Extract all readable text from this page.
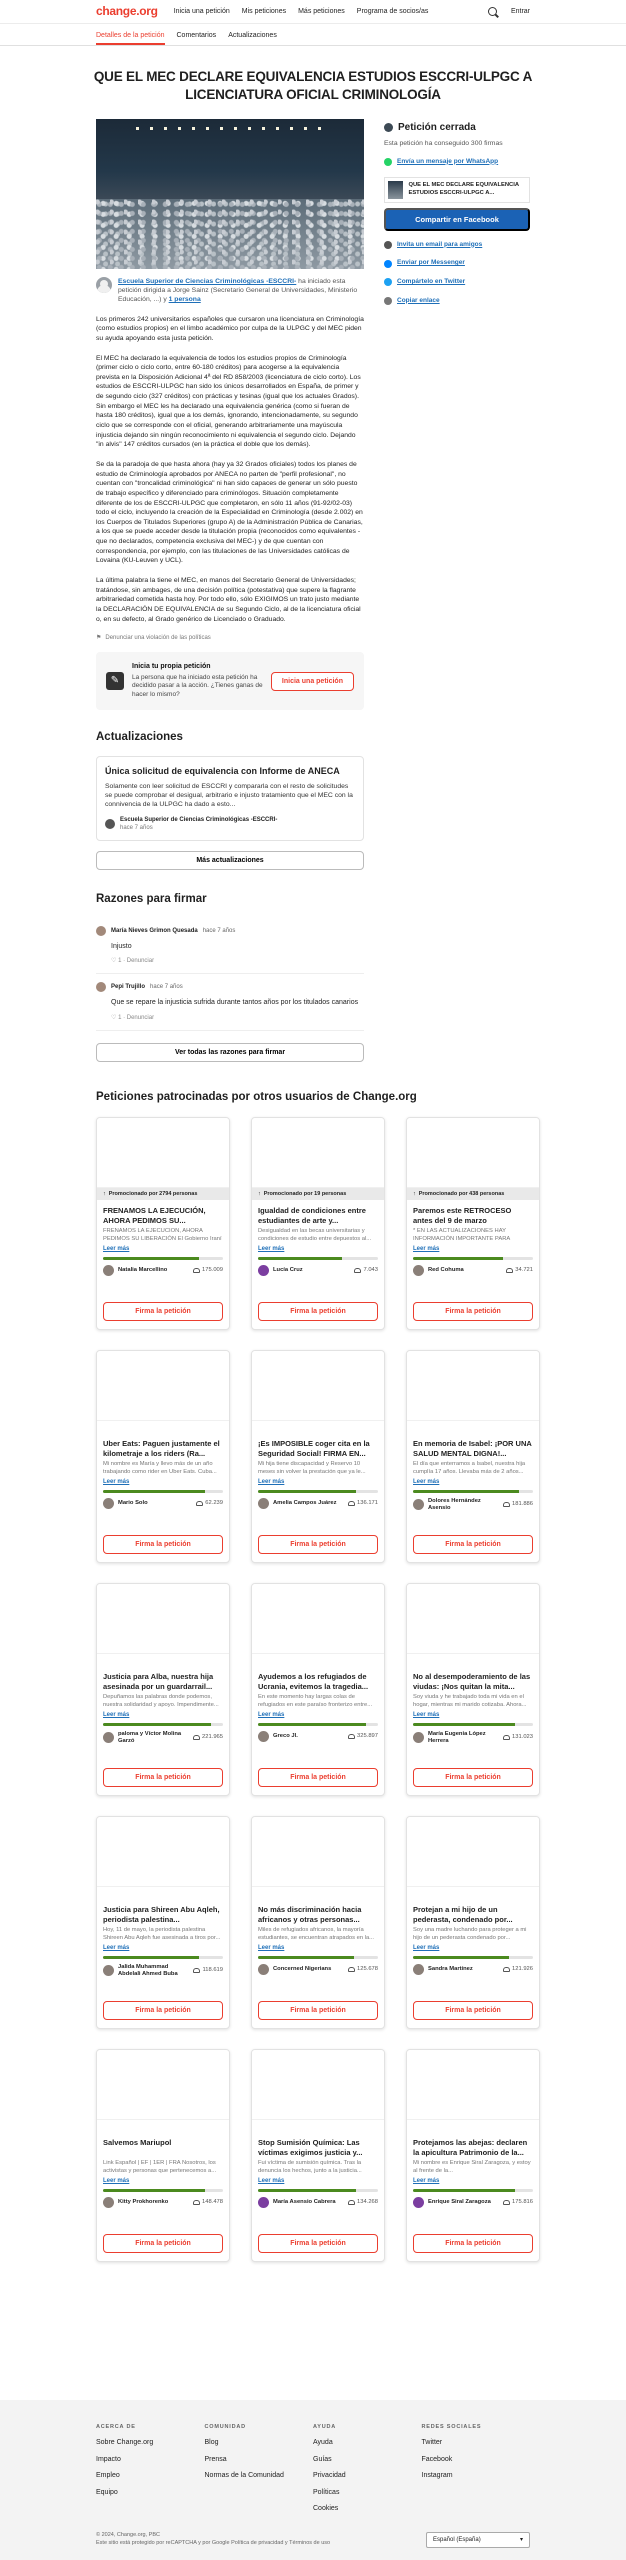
change.org Inicia una petición Mis peticiones Más peticiones Programa de socios/as	Entrar
Detalles de la petición Comentarios Actualizaciones
QUE EL MEC DECLARE EQUIVALENCIA ESTUDIOS ESCCRI-ULPGC A LICENCIATURA OFICIAL CRIMINOLOGÍA
Escuela Superior de Ciencias Criminológicas -ESCCRI- ha iniciado esta petición dirigida a Jorge Sainz (Secretario General de Universidades, Ministerio Educación, ...) y 1 persona

Los primeros 242 universitarios españoles que cursaron una licenciatura en Criminología (como estudios propios) en el limbo académico por culpa de la ULPGC y del MEC piden su ayuda apoyando esta justa petición.

El MEC ha declarado la equivalencia de todos los estudios propios de Criminología (primer ciclo o ciclo corto, entre 60-180 créditos) para acogerse a la equivalencia prevista en la Disposición Adicional 4ª del RD 858/2003 (licenciatura de ciclo corto). Los estudios de ESCCRI-ULPGC han sido los únicos desarrollados en España, de primer y de segundo ciclo (327 créditos) con prácticas y tesinas (igual que los actuales Grados). Sin embargo el MEC les ha declarado una equivalencia genérica (como si fueran de hasta 180 créditos), igual que a los demás, ignorando, intencionadamente, su segundo ciclo que se corresponde con el oficial, generando arbitrariamente una mayúscula injusticia dejando sin ningún reconocimiento ni equivalencia el segundo ciclo. Dejando "in alvis" 147 créditos cursados (en la práctica el doble que los demás).

Se da la paradoja de que hasta ahora (hay ya 32 Grados oficiales) todos los planes de estudio de Criminología aprobados por ANECA no parten de "perfil profesional", no cuentan con "troncalidad criminológica" ni han sido capaces de generar un sólo puesto de trabajo específico y diferenciado para criminólogos. Situación completamente diferente de los de ESCCRI-ULPGC que completaron, en sólo 11 años (91-92/02-03) todo el ciclo, incluyendo la creación de la Especialidad en Criminología (desde 2.002) en los Cuerpos de Titulados Superiores (grupo A) de la Administración Pública de Canarias, a los que se puede acceder desde la titulación propia (reconocidos como equivalentes -que no declarados, competencia exclusiva del MEC-) y de que cuentan con correspondencia, por ejemplo, con las titulaciones de las Universidades católicas de Lovaina (KU-Leuven y UCL).

La última palabra la tiene el MEC, en manos del Secretario General de Universidades; tratándose, sin ambages, de una decisión política (potestativa) que supere la flagrante arbitrariedad cometida hasta hoy. Por todo ello, sólo EXIGIMOS un trato justo mediante la DECLARACIÓN DE EQUIVALENCIA de su Segundo Ciclo, al de la licenciatura oficial o, en su defecto, al Grado genérico de Licenciado o Graduado.

⚑ Denunciar una violación de las políticas
✎
Inicia tu propia petición
La persona que ha iniciado esta petición ha decidido pasar a la acción. ¿Tienes ganas de hacer lo mismo?
Inicia una petición
Actualizaciones
Única solicitud de equivalencia con Informe de ANECA

Solamente con leer solicitud de ESCCRI y compararla con el resto de solicitudes se puede comprobar el desigual, arbitrario e injusto tratamiento que el MEC con la connivencia de la ULPGC ha dado a esto...

Escuela Superior de Ciencias Criminológicas -ESCCRI-
hace 7 años
Más actualizaciones
Razones para firmar
María Nieves Grimon Quesada hace 7 años
Injusto
♡ 1 · Denunciar
Pepi Trujillo hace 7 años
Que se repare la injusticia sufrida durante tantos años por los titulados canarios
♡ 1 · Denunciar
Ver todas las razones para firmar
Petición cerrada
Esta petición ha conseguido 300 firmas
Envía un mensaje por WhatsApp
QUE EL MEC DECLARE EQUIVALENCIA ESTUDIOS ESCCRI-ULPGC A...
Compartir en Facebook
Invita un email para amigos
Enviar por Messenger
Compártelo en Twitter
Copiar enlace
Peticiones patrocinadas por otros usuarios de Change.org
↑ Promocionado por 2794 personas
FRENAMOS LA EJECUCIÓN, AHORA PEDIMOS SU...
FRENAMOS LA EJECUCIÓN, AHORA PEDIMOS SU LIBERACIÓN El Gobierno Iraní
Leer más
Natalia Marcellino	175.009
Firma la petición
↑ Promocionado por 19 personas
Igualdad de condiciones entre estudiantes de arte y...
Desigualdad en las becas universitarias y condiciones de estudio entre depuestos al...
Leer más
Lucía Cruz	7.043
Firma la petición
↑ Promocionado por 438 personas
Paremos este RETROCESO antes del 9 de marzo
* EN LAS ACTUALIZACIONES HAY INFORMACIÓN IMPORTANTE PARA
Leer más
Red Cohuma	34.721
Firma la petición
Uber Eats: Paguen justamente el kilometraje a los riders (Ra...
Mi nombre es María y llevo más de un año trabajando como rider en Uber Eats. Cuba...
Leer más
Mario Solo	62.239
Firma la petición
¡Es IMPOSIBLE coger cita en la Seguridad Social! FIRMA EN...
Mi hija tiene discapacidad y Reservo 10 meses sin volver la prestación que ya le...
Leer más
Amelia Campos Juárez	136.171
Firma la petición
En memoria de Isabel: ¡POR UNA SALUD MENTAL DIGNA!...
El día que enterramos a Isabel, nuestra hija cumplía 17 años. Llevaba más de 2 años...
Leer más
Dolores Hernández Asensio
181.886
Firma la petición
Justicia para Alba, nuestra hija asesinada por un guardarrail...
Depuñamos las palabras donde podemos, nuestra solidaridad y apoyo. Impendimente...
Leer más
paloma y Víctor Molina Garzó
221.965
Firma la petición
Ayudemos a los refugiados de Ucrania, evitemos la tragedia...
En este momento hay largas colas de refugiados en este paraíso fronterizo entre...
Leer más
Greco Jl.	325.897
Firma la petición
No al desempoderamiento de las viudas: ¡Nos quitan la mita...
Soy viuda y he trabajado toda mi vida en el hogar, mientras mi marido cotizaba. Ahora...
Leer más
María Eugenia López Herrera
131.023
Firma la petición
Justicia para Shireen Abu Aqleh, periodista palestina...
Hoy, 11 de mayo, la periodista palestina Shireen Abu Aqleh fue asesinada a tiros por...
Leer más
Jalida Muhammad Abdelalì Ahmed Buba
118.619
Firma la petición
No más discriminación hacia africanos y otras personas...
Miles de refugiados africanos, la mayoría estudiantes, se encuentran atrapados en la...
Leer más
Concerned Nigerians	125.678
Firma la petición
Protejan a mi hijo de un pederasta, condenado por...
Soy una madre luchando para proteger a mi hijo de un pederasta condenado por...
Leer más
Sandra Martínez	121.926
Firma la petición
Salvemos Mariupol
Link Español | EF | 1ER | FRA Nosotros, los activistas y personas que pertenecemos a...
Leer más
Kitty Prokhorenko	148.478
Firma la petición
Stop Sumisión Química: Las víctimas exigimos justicia y...
Fui víctima de sumisión química. Tras la denuncia los hechos, junto a la justicia...
Leer más
María Asensio Cabrera	134.268
Firma la petición
Protejamos las abejas: declaren la apicultura Patrimonio de la...
Mi nombre es Enrique Siral Zaragoza, y estoy al frente de la...
Leer más
Enrique Siral Zaragoza	175.816
Firma la petición
ACERCA DE
Sobre Change.org
Impacto
Empleo
Equipo
COMUNIDAD
Blog
Prensa
Normas de la Comunidad
AYUDA
Ayuda
Guías
Privacidad
Políticas
Cookies
REDES SOCIALES
Twitter
Facebook
Instagram
© 2024, Change.org, PBC
Este sitio está protegido por reCAPTCHA y por Google Política de privacidad y Términos de uso
Español (España)	▾
